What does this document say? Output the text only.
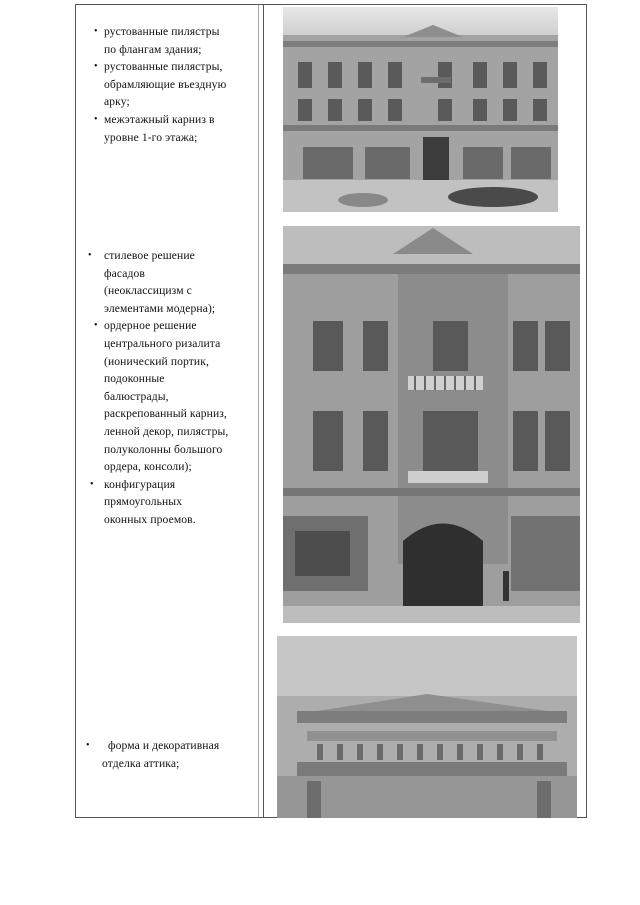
• рустованные пилястры
по флангам здания;
• рустованные пилястры,
обрамляющие въездную
арку;
• межэтажный карниз в
уровне 1-го этажа;
•	стилевое решение
фасадов
(неоклассицизм с
элементами модерна);
• ордерное решение
центрального ризалита
(ионический портик,
подоконные
балюстрады,
раскрепованный карниз,
ленной декор, пилястры,
полуколонны большого
ордера, консоли);
• конфигурация
прямоугольных
оконных проемов.
•	форма и декоративная
отделка аттика;
